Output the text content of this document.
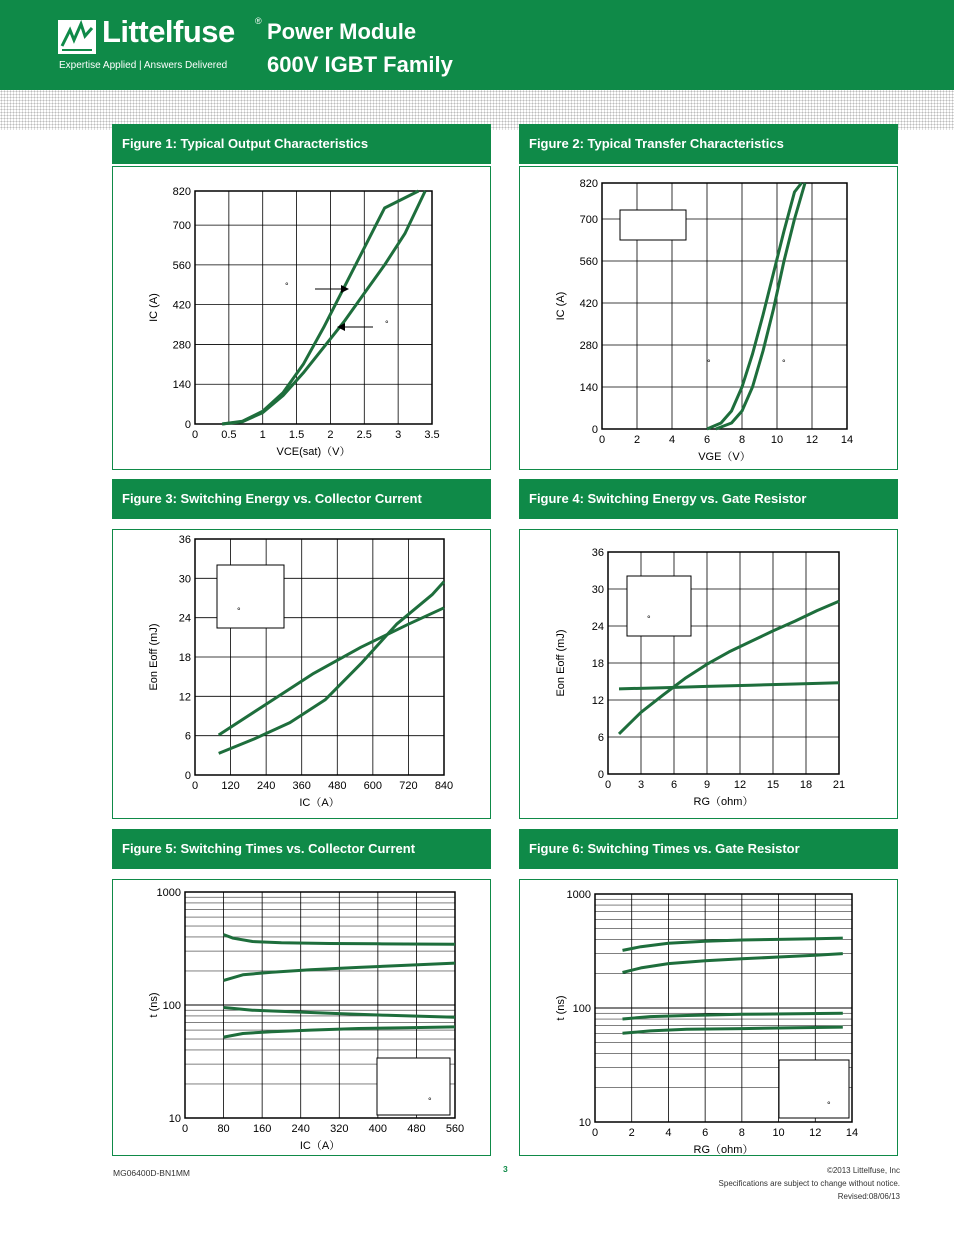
Littelfuse ®
Expertise Applied | Answers Delivered
Power Module
600V IGBT Family
Figure 1: Typical Output Characteristics	Figure 2: Typical Transfer Characteristics
Figure 3: Switching Energy vs. Collector Current	Figure 4: Switching Energy vs. Gate Resistor
Figure 5: Switching Times vs. Collector Current	Figure 6: Switching Times vs. Gate Resistor
°
°
0 0.5 1 1.5 2 2.5 3 3.5
0
140
280
420
560
700
820
VCE(sat)（V）
IC (A)
°	°
0	2	4	6	8 10 12 14
0
140
280
420
560
700
820
VGE（V）
IC (A)
°
0 120 240 360 480 600 720 840
0
6
12
18
24
30
36
IC（A）
Eon Eoff (mJ)
°
0 3 6 9 12 15 18 21
0
6
12
18
24
30
36
RG（ohm）
Eon Eoff (mJ)
°
0	80 160 240 320 400 480 560
10
100
1000
IC（A）
t (ns)
°
0	2	4	6	8	10 12 14
10
100
1000
RG（ohm）
t (ns)
MG06400D-BN1MM	3	©2013 Littelfuse, Inc
Specifications are subject to change without notice.
Revised:08/06/13
